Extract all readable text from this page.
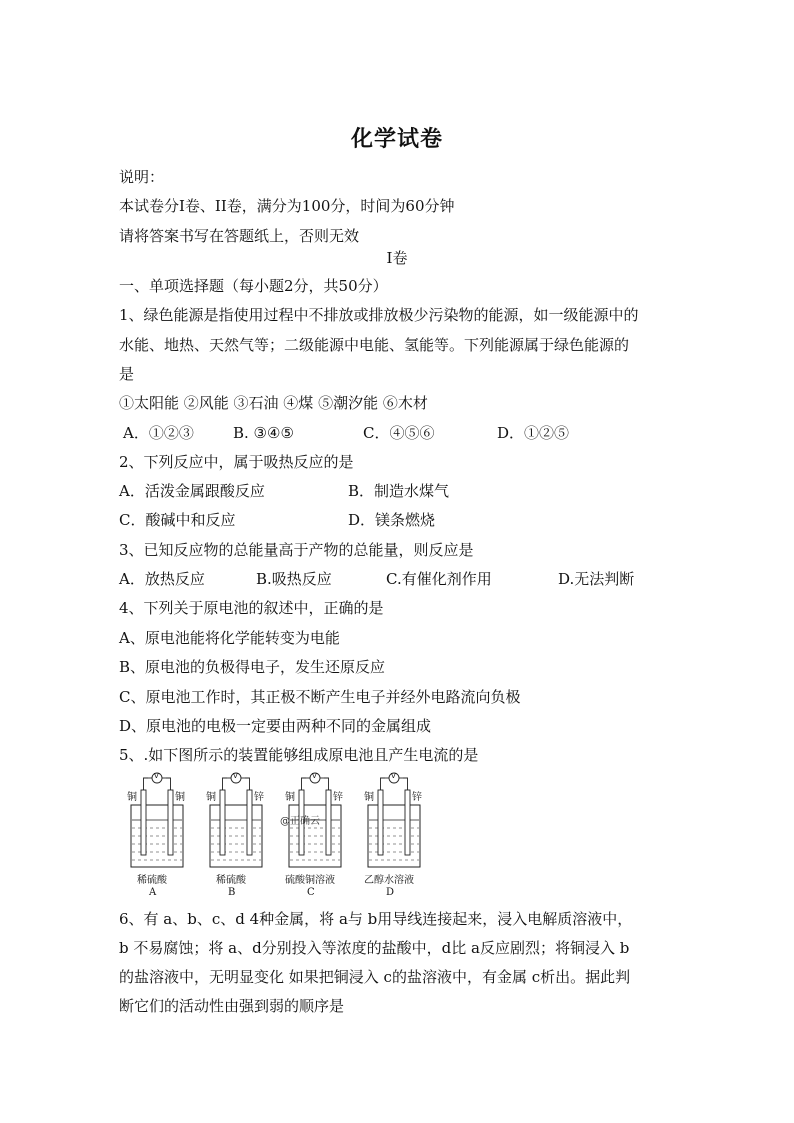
化学试卷
说明：
本试卷分Ⅰ卷、II卷，满分为100分，时间为60分钟
请将答案书写在答题纸上，否则无效
Ⅰ卷
一、单项选择题（每小题2分，共50分）
1、绿色能源是指使用过程中不排放或排放极少污染物的能源，如一级能源中的
水能、地热、天然气等；二级能源中电能、氢能等。下列能源属于绿色能源的
是
①太阳能 ②风能 ③石油 ④煤 ⑤潮汐能 ⑥木材
A．①②③	B. ③④⑤	C．④⑤⑥	D．①②⑤
2、下列反应中，属于吸热反应的是
A．活泼金属跟酸反应	B．制造水煤气
C．酸碱中和反应	D．镁条燃烧
3、已知反应物的总能量高于产物的总能量，则反应是
A．放热反应	B.吸热反应	C.有催化剂作用	D.无法判断
4、下列关于原电池的叙述中，正确的是
A、原电池能将化学能转变为电能
B、原电池的负极得电子，发生还原反应
C、原电池工作时，其正极不断产生电子并经外电路流向负极
D、原电池的电极一定要由两种不同的金属组成
5、.如下图所示的装置能够组成原电池且产生电流的是
V	V	V	V
铜	铜 铜	锌 铜	锌 铜	锌
@正确云
稀硫酸	稀硫酸	硫酸铜溶液	乙醇水溶液
A	B	C	D
6、有 a、b、c、d 4种金属，将 a与 b用导线连接起来，浸入电解质溶液中，
b 不易腐蚀；将 a、d分别投入等浓度的盐酸中，d比 a反应剧烈；将铜浸入 b
的盐溶液中，无明显变化 如果把铜浸入 c的盐溶液中，有金属 c析出。据此判
断它们的活动性由强到弱的顺序是
